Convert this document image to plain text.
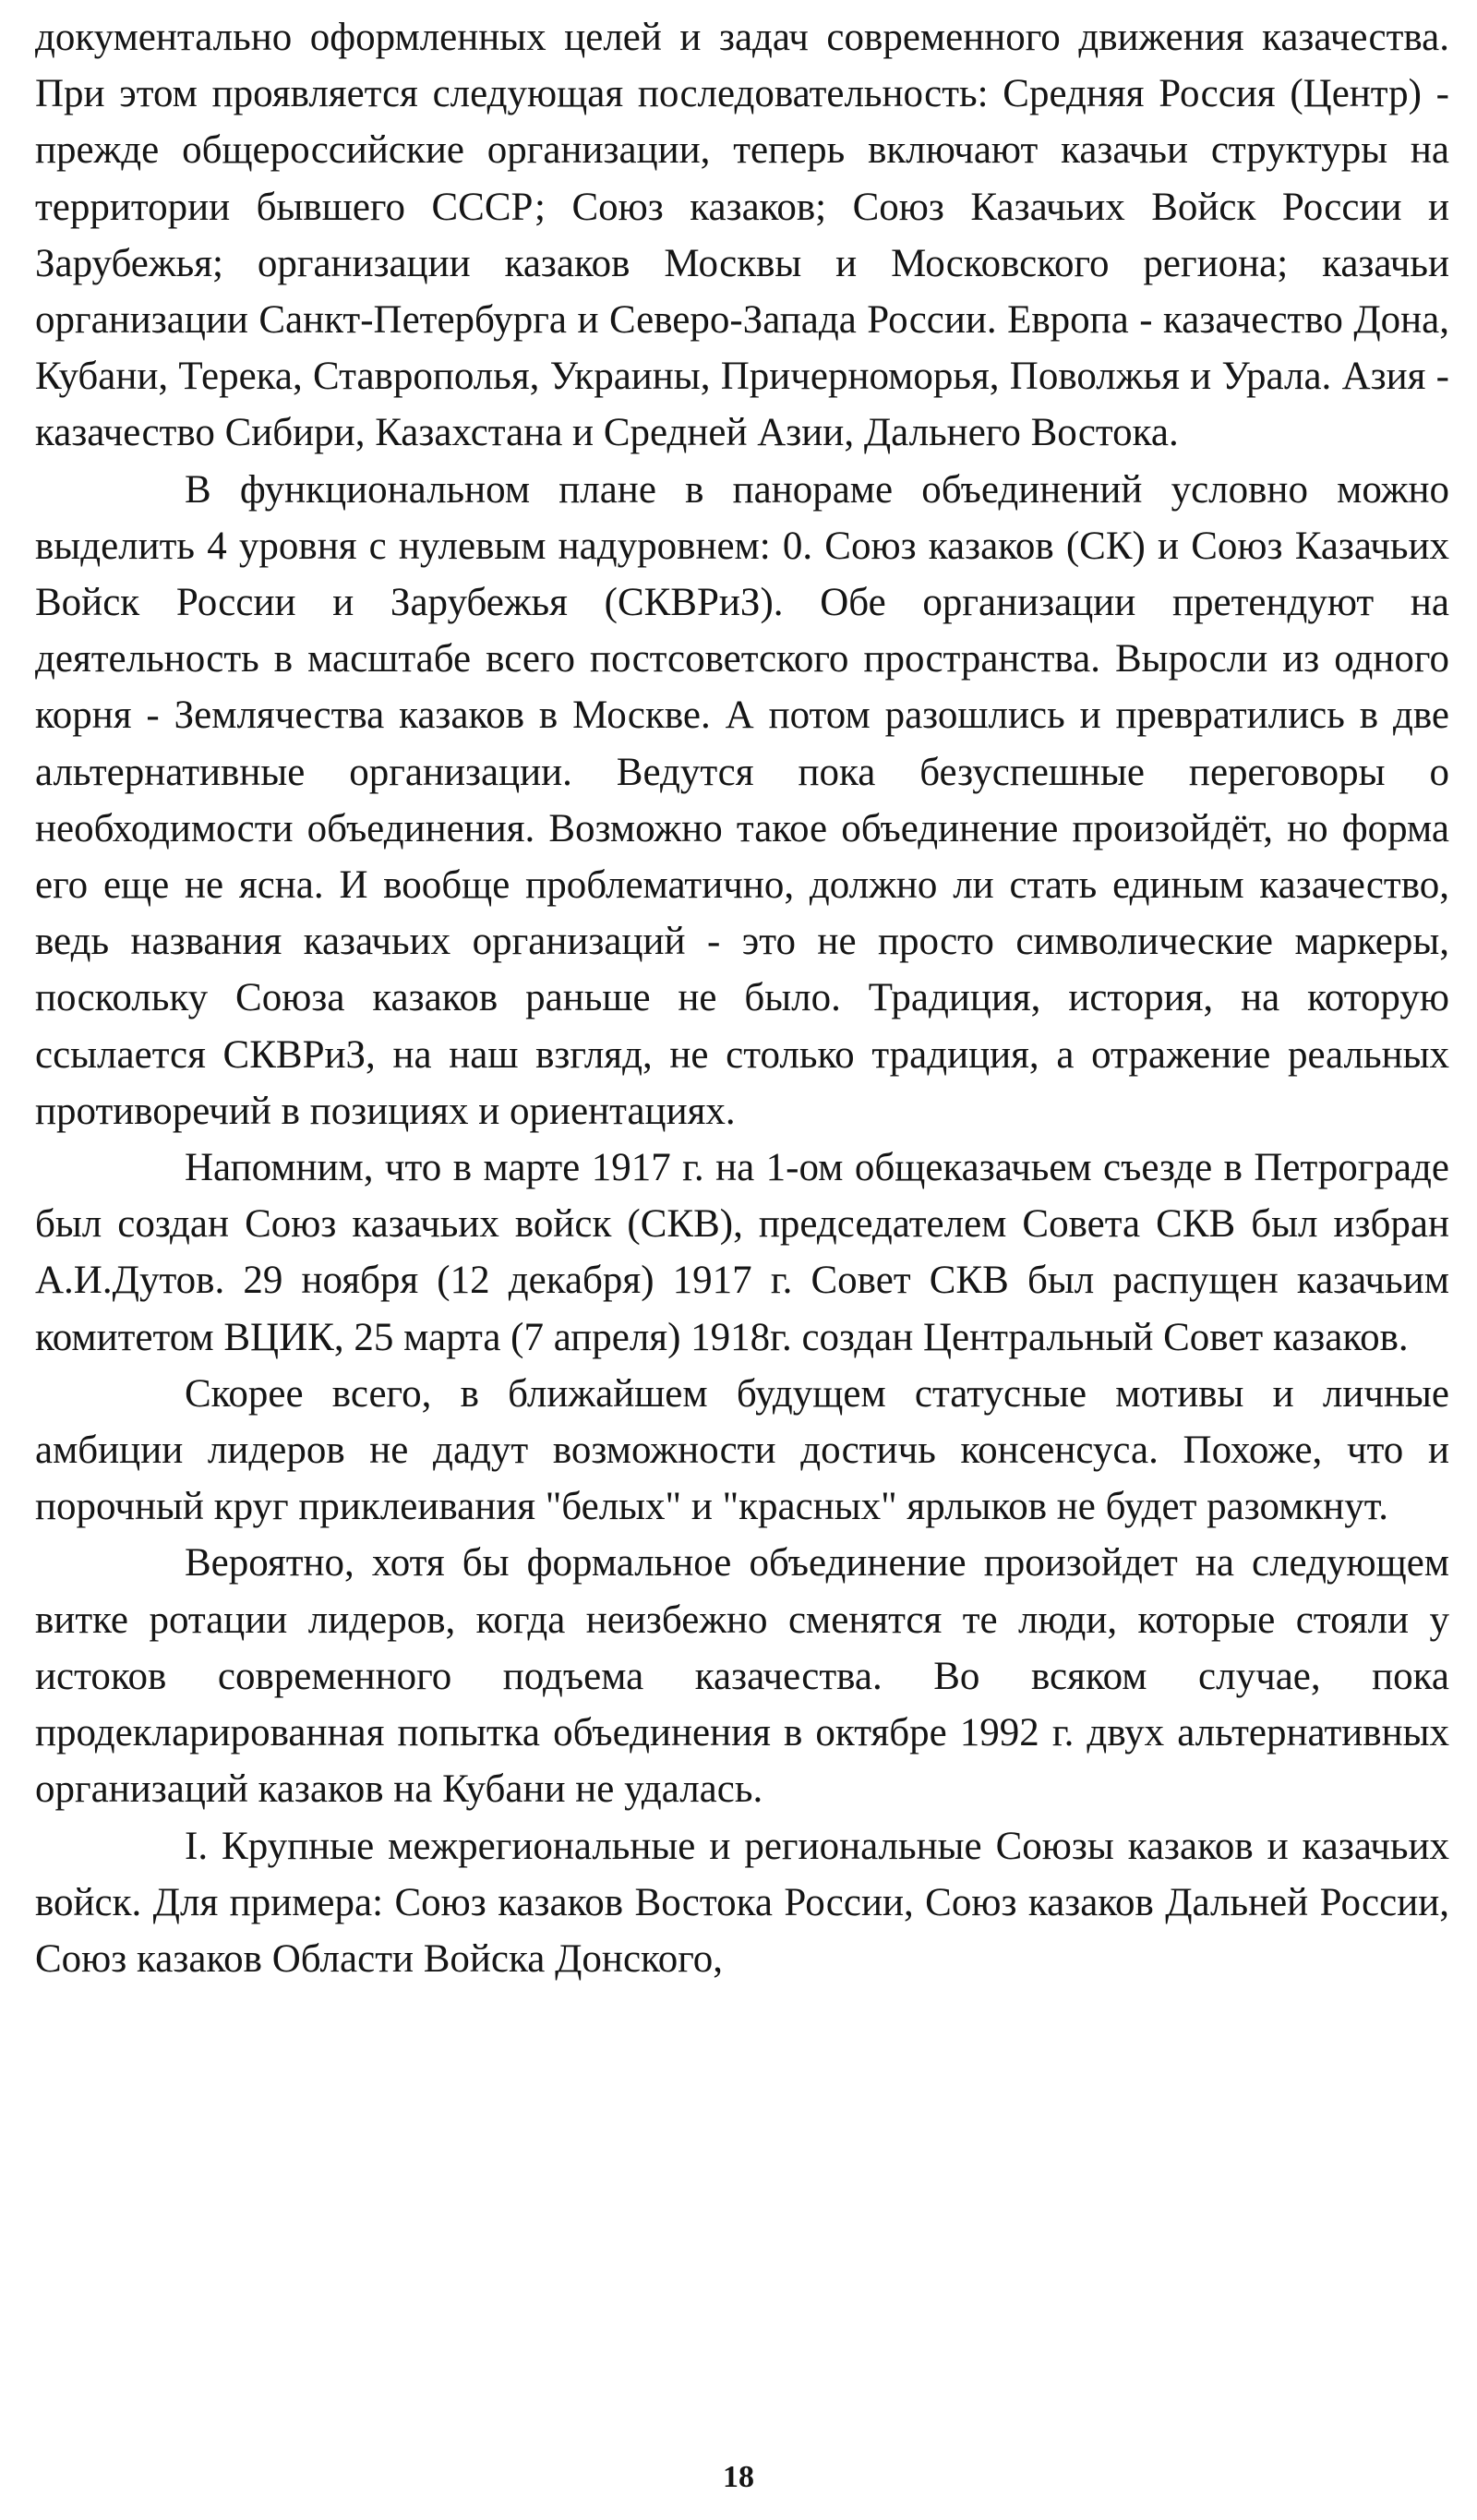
документально оформленных целей и задач современного движения казачества. При этом проявляется следующая последовательность: Средняя Россия (Центр) - прежде общероссийские организации, теперь включают казачьи структуры на территории бывшего СССР; Союз казаков; Союз Казачьих Войск России и Зарубежья; организации казаков Москвы и Московского региона; казачьи организации Санкт-Петербурга и Северо-Запада России. Европа - казачество Дона, Кубани, Терека, Ставрополья, Украины, Причерноморья, Поволжья и Урала. Азия - казачество Сибири, Казахстана и Средней Азии, Дальнего Востока.

В функциональном плане в панораме объединений условно можно выделить 4 уровня с нулевым надуровнем: 0. Союз казаков (СК) и Союз Казачьих Войск России и Зарубежья (СКВРиЗ). Обе организации претендуют на деятельность в масштабе всего постсоветского пространства. Выросли из одного корня - Землячества казаков в Москве. А потом разошлись и превратились в две альтернативные организации. Ведутся пока безуспешные переговоры о необходимости объединения. Возможно такое объединение произойдёт, но форма его еще не ясна. И вообще проблематично, должно ли стать единым казачество, ведь названия казачьих организаций - это не просто символические маркеры, поскольку Союза казаков раньше не было. Традиция, история, на которую ссылается СКВРиЗ, на наш взгляд, не столько традиция, а отражение реальных противоречий в позициях и ориентациях.

Напомним, что в марте 1917 г. на 1-ом общеказачьем съезде в Петрограде был создан Союз казачьих войск (СКВ), председателем Совета СКВ был избран А.И.Дутов. 29 ноября (12 декабря) 1917 г. Совет СКВ был распущен казачьим комитетом ВЦИК, 25 марта (7 апреля) 1918г. создан Центральный Совет казаков.

Скорее всего, в ближайшем будущем статусные мотивы и личные амбиции лидеров не дадут возможности достичь консенсуса. Похоже, что и порочный круг приклеивания "белых" и "красных" ярлыков не будет разомкнут.

Вероятно, хотя бы формальное объединение произойдет на следующем витке ротации лидеров, когда неизбежно сменятся те люди, которые стояли у истоков современного подъема казачества. Во всяком случае, пока продекларированная попытка объединения в октябре 1992 г. двух альтернативных организаций казаков на Кубани не удалась.

I. Крупные межрегиональные и региональные Союзы казаков и казачьих войск. Для примера: Союз казаков Востока России, Союз казаков Дальней России, Союз казаков Области Войска Донского,

18
